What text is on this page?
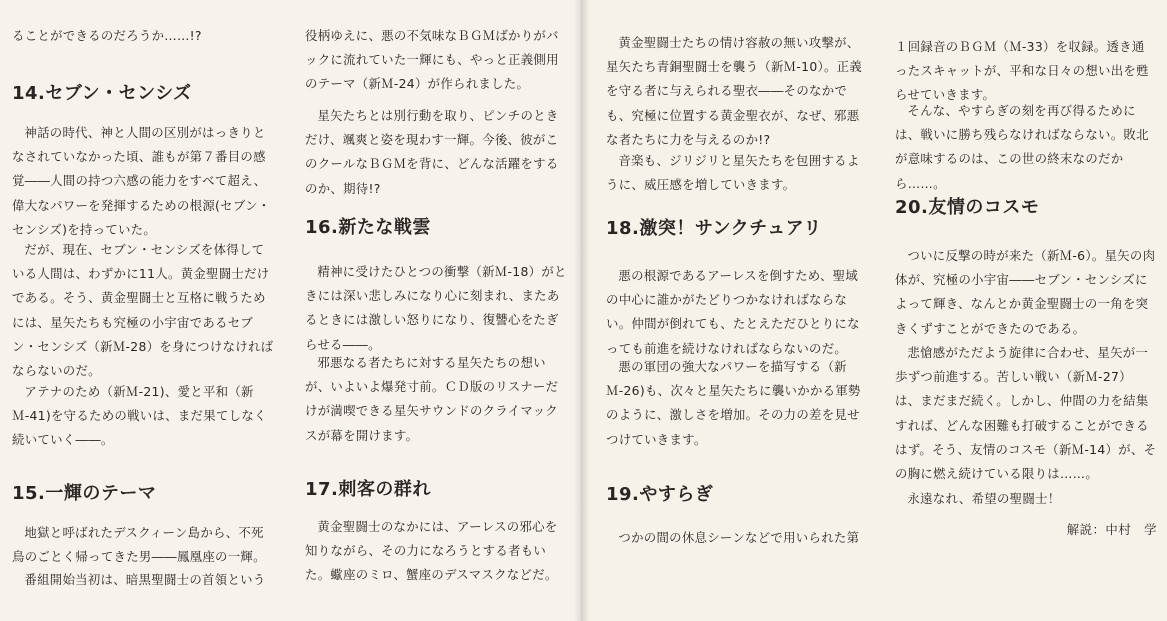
ることができるのだろうか……!?

14.セブン・センシズ

神話の時代、神と人間の区別がはっきりとなされていなかった頃、誰もが第７番目の感覚――人間の持つ六感の能力をすべて超え、偉大なパワーを発揮するための根源(セブン・センシズ)を持っていた。

だが、現在、セブン・センシズを体得している人間は、わずかに11人。黄金聖闘士だけである。そう、黄金聖闘士と互格に戦うためには、星矢たちも究極の小宇宙であるセブン・センシズ（新Ｍ-28）を身につけなければならないのだ。

アテナのため（新Ｍ-21)、愛と平和（新Ｍ-41)を守るための戦いは、まだ果てしなく続いていく――。

15.一輝のテーマ

地獄と呼ばれたデスクィーン島から、不死鳥のごとく帰ってきた男――鳳凰座の一輝。

番組開始当初は、暗黒聖闘士の首領という

役柄ゆえに、悪の不気味なＢＧＭばかりがバックに流れていた一輝にも、やっと正義側用のテーマ（新Ｍ-24）が作られました。

星矢たちとは別行動を取り、ピンチのときだけ、颯爽と姿を現わす一輝。今後、彼がこのクールなＢＧＭを背に、どんな活躍をするのか、期待!?

16.新たな戦雲

精神に受けたひとつの衝撃（新Ｍ-18）がときには深い悲しみになり心に刻まれ、またあるときには激しい怒りになり、復讐心をたぎらせる――。

邪悪なる者たちに対する星矢たちの想いが、いよいよ爆発寸前。ＣＤ版のリスナーだけが満喫できる星矢サウンドのクライマックスが幕を開けます。

17.刺客の群れ

黄金聖闘士のなかには、アーレスの邪心を知りながら、その力になろうとする者もいた。蠍座のミロ、蟹座のデスマスクなどだ。

黄金聖闘士たちの情け容赦の無い攻撃が、星矢たち青銅聖闘士を襲う（新Ｍ-10）。正義を守る者に与えられる聖衣――そのなかでも、究極に位置する黄金聖衣が、なぜ、邪悪な者たちに力を与えるのか!?

音楽も、ジリジリと星矢たちを包囲するように、威圧感を増していきます。

18.激突！サンクチュアリ

悪の根源であるアーレスを倒すため、聖域の中心に誰かがたどりつかなければならない。仲間が倒れても、たとえただひとりになっても前進を続けなければならないのだ。

悪の軍団の強大なパワーを描写する（新Ｍ-26)も、次々と星矢たちに襲いかかる軍勢のように、激しさを増加。その力の差を見せつけていきます。

19.やすらぎ

つかの間の休息シーンなどで用いられた第

１回録音のＢＧＭ（Ｍ-33）を収録。透き通ったスキャットが、平和な日々の想い出を甦らせていきます。

そんな、やすらぎの刻を再び得るためには、戦いに勝ち残らなければならない。敗北が意味するのは、この世の終末なのだから……。

20.友情のコスモ

ついに反撃の時が来た（新Ｍ-6）。星矢の肉体が、究極の小宇宙――セブン・センシズによって輝き、なんとか黄金聖闘士の一角を突きくずすことができたのである。

悲愴感がただよう旋律に合わせ、星矢が一歩ずつ前進する。苦しい戦い（新Ｍ-27）は、まだまだ続く。しかし、仲間の力を結集すれば、どんな困難も打破することができるはず。そう、友情のコスモ（新Ｍ-14）が、その胸に燃え続けている限りは……。

永遠なれ、希望の聖闘士！

解説：中村　学
